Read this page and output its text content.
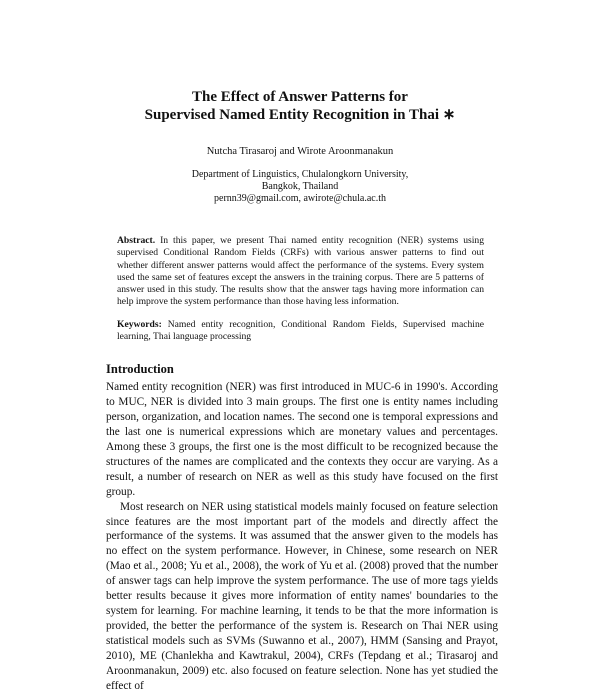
The Effect of Answer Patterns for
Supervised Named Entity Recognition in Thai ∗
Nutcha Tirasaroj and Wirote Aroonmanakun
Department of Linguistics, Chulalongkorn University,
Bangkok, Thailand
pernn39@gmail.com, awirote@chula.ac.th
Abstract. In this paper, we present Thai named entity recognition (NER) systems using supervised Conditional Random Fields (CRFs) with various answer patterns to find out whether different answer patterns would affect the performance of the systems. Every system used the same set of features except the answers in the training corpus. There are 5 patterns of answer used in this study. The results show that the answer tags having more information can help improve the system performance than those having less information.
Keywords: Named entity recognition, Conditional Random Fields, Supervised machine learning, Thai language processing
Introduction

Named entity recognition (NER) was first introduced in MUC-6 in 1990's. According to MUC, NER is divided into 3 main groups. The first one is entity names including person, organization, and location names. The second one is temporal expressions and the last one is numerical expressions which are monetary values and percentages. Among these 3 groups, the first one is the most difficult to be recognized because the structures of the names are complicated and the contexts they occur are varying. As a result, a number of research on NER as well as this study have focused on the first group.

Most research on NER using statistical models mainly focused on feature selection since features are the most important part of the models and directly affect the performance of the systems. It was assumed that the answer given to the models has no effect on the system performance. However, in Chinese, some research on NER (Mao et al., 2008; Yu et al., 2008), the work of Yu et al. (2008) proved that the number of answer tags can help improve the system performance. The use of more tags yields better results because it gives more information of entity names' boundaries to the system for learning. For machine learning, it tends to be that the more information is provided, the better the performance of the system is. Research on Thai NER using statistical models such as SVMs (Suwanno et al., 2007), HMM (Sansing and Prayot, 2010), ME (Chanlekha and Kawtrakul, 2004), CRFs (Tepdang et al.; Tirasaroj and Aroonmanakun, 2009) etc. also focused on feature selection. None has yet studied the effect of
